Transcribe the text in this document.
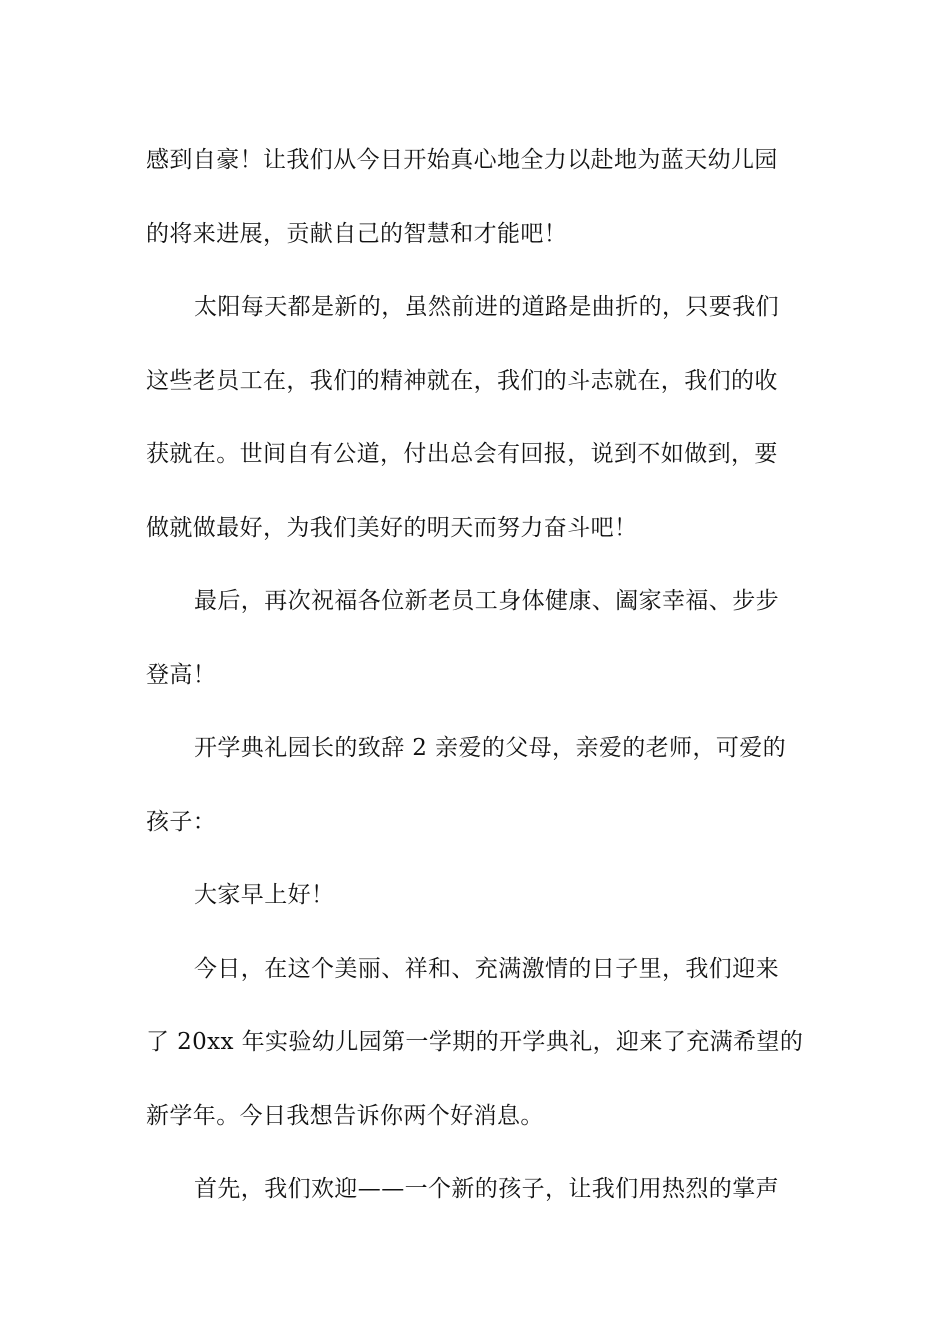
感到自豪！让我们从今日开始真心地全力以赴地为蓝天幼儿园
的将来进展，贡献自己的智慧和才能吧！
太阳每天都是新的，虽然前进的道路是曲折的，只要我们
这些老员工在，我们的精神就在，我们的斗志就在，我们的收
获就在。世间自有公道，付出总会有回报，说到不如做到，要
做就做最好，为我们美好的明天而努力奋斗吧！
最后，再次祝福各位新老员工身体健康、阖家幸福、步步
登高！
开学典礼园长的致辞 2 亲爱的父母，亲爱的老师，可爱的
孩子：
大家早上好！
今日，在这个美丽、祥和、充满激情的日子里，我们迎来
了 20xx 年实验幼儿园第一学期的开学典礼，迎来了充满希望的
新学年。今日我想告诉你两个好消息。
首先，我们欢迎——一个新的孩子，让我们用热烈的掌声
